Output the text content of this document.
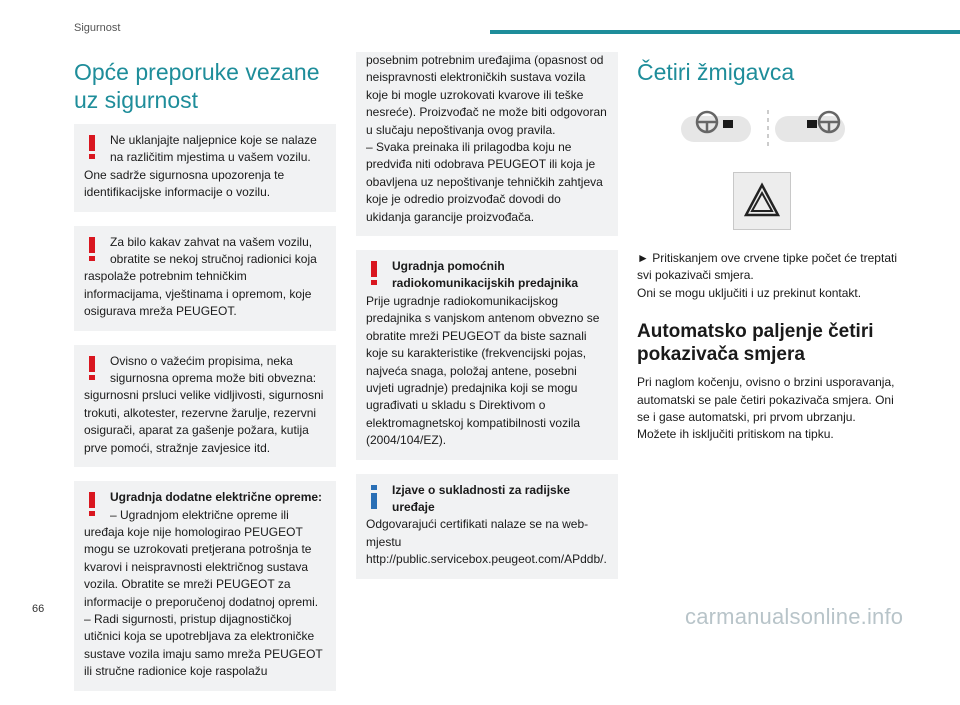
Sigurnost
Opće preporuke vezane uz sigurnost
Ne uklanjajte naljepnice koje se nalaze na različitim mjestima u vašem vozilu.
One sadrže sigurnosna upozorenja te identifikacijske informacije o vozilu.
Za bilo kakav zahvat na vašem vozilu, obratite se nekoj stručnoj radionici koja
raspolaže potrebnim tehničkim informacijama, vještinama i opremom, koje osigurava mreža PEUGEOT.
Ovisno o važećim propisima, neka sigurnosna oprema može biti obvezna:
sigurnosni prsluci velike vidljivosti, sigurnosni trokuti, alkotester, rezervne žarulje, rezervni osigurači, aparat za gašenje požara, kutija prve pomoći, stražnje zavjesice itd.
Ugradnja dodatne električne opreme:
– Ugradnjom električne opreme ili
uređaja koje nije homologirao PEUGEOT mogu se uzrokovati pretjerana potrošnja te kvarovi i neispravnosti električnog sustava vozila. Obratite se mreži PEUGEOT za informacije o preporučenoj dodatnoj opremi.
– Radi sigurnosti, pristup dijagnostičkoj utičnici koja se upotrebljava za elektroničke sustave vozila imaju samo mreža PEUGEOT ili stručne radionice koje raspolažu

posebnim potrebnim uređajima (opasnost od neispravnosti elektroničkih sustava vozila koje bi mogle uzrokovati kvarove ili teške nesreće). Proizvođač ne može biti odgovoran u slučaju nepoštivanja ovog pravila.

– Svaka preinaka ili prilagodba koju ne predviđa niti odobrava PEUGEOT ili koja je obavljena uz nepoštivanje tehničkih zahtjeva koje je odredio proizvođač dovodi do ukidanja garancije proizvođača.

Ugradnja pomoćnih radiokomunikacijskih predajnika
Prije ugradnje radiokomunikacijskog predajnika s vanjskom antenom obvezno se obratite mreži PEUGEOT da biste saznali koje su karakteristike (frekvencijski pojas, najveća snaga, položaj antene, posebni uvjeti ugradnje) predajnika koji se mogu ugrađivati u skladu s Direktivom o elektromagnetskoj kompatibilnosti vozila (2004/104/EZ).
Izjave o sukladnosti za radijske uređaje
Odgovarajući certifikati nalaze se na web-mjestu http://public.servicebox.peugeot.com/APddb/.
Četiri žmigavca

► Pritiskanjem ove crvene tipke počet će treptati svi pokazivači smjera.

Oni se mogu uključiti i uz prekinut kontakt.

Automatsko paljenje četiri pokazivača smjera

Pri naglom kočenju, ovisno o brzini usporavanja, automatski se pale četiri pokazivača smjera. Oni se i gase automatski, pri prvom ubrzanju.

Možete ih isključiti pritiskom na tipku.

66	carmanualsonline.info
